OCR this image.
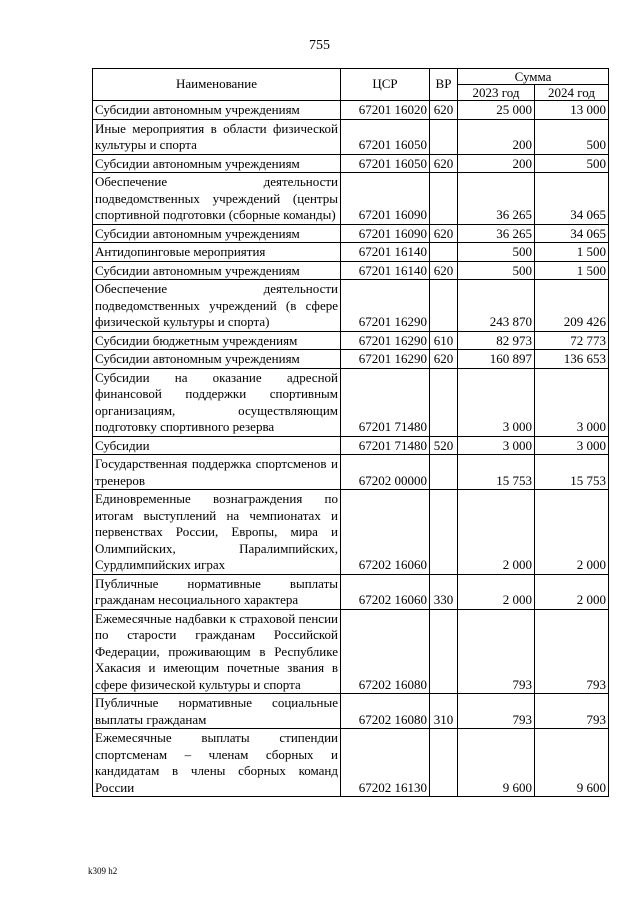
755
Наименование	ЦСР	ВР	Сумма	
			2023 год	2024 год
Субсидии автономным учреждениям	67201 16020	620	25 000	13 000
Иные мероприятия в области физической культуры и спорта	67201 16050		200	500
Субсидии автономным учреждениям	67201 16050	620	200	500
Обеспечение деятельности подведомственных учреждений (центры спортивной подготовки (сборные команды)	67201 16090		36 265	34 065
Субсидии автономным учреждениям	67201 16090	620	36 265	34 065
Антидопинговые мероприятия	67201 16140		500	1 500
Субсидии автономным учреждениям	67201 16140	620	500	1 500
Обеспечение деятельности подведомственных учреждений (в сфере физической культуры и спорта)	67201 16290		243 870	209 426
Субсидии бюджетным учреждениям	67201 16290	610	82 973	72 773
Субсидии автономным учреждениям	67201 16290	620	160 897	136 653
Субсидии на оказание адресной финансовой поддержки спортивным организациям, осуществляющим подготовку спортивного резерва	67201 71480		3 000	3 000
Субсидии	67201 71480	520	3 000	3 000
Государственная поддержка спортсменов и тренеров	67202 00000		15 753	15 753
Единовременные вознаграждения по итогам выступлений на чемпионатах и первенствах России, Европы, мира и Олимпийских, Паралимпийских, Сурдлимпийских играх	67202 16060		2 000	2 000
Публичные нормативные выплаты гражданам несоциального характера	67202 16060	330	2 000	2 000
Ежемесячные надбавки к страховой пенсии по старости гражданам Российской Федерации, проживающим в Республике Хакасия и имеющим почетные звания в сфере физической культуры и спорта	67202 16080		793	793
Публичные нормативные социальные выплаты гражданам	67202 16080	310	793	793
Ежемесячные выплаты стипендии спортсменам – членам сборных и кандидатам в члены сборных команд России	67202 16130		9 600	9 600
k309 h2
